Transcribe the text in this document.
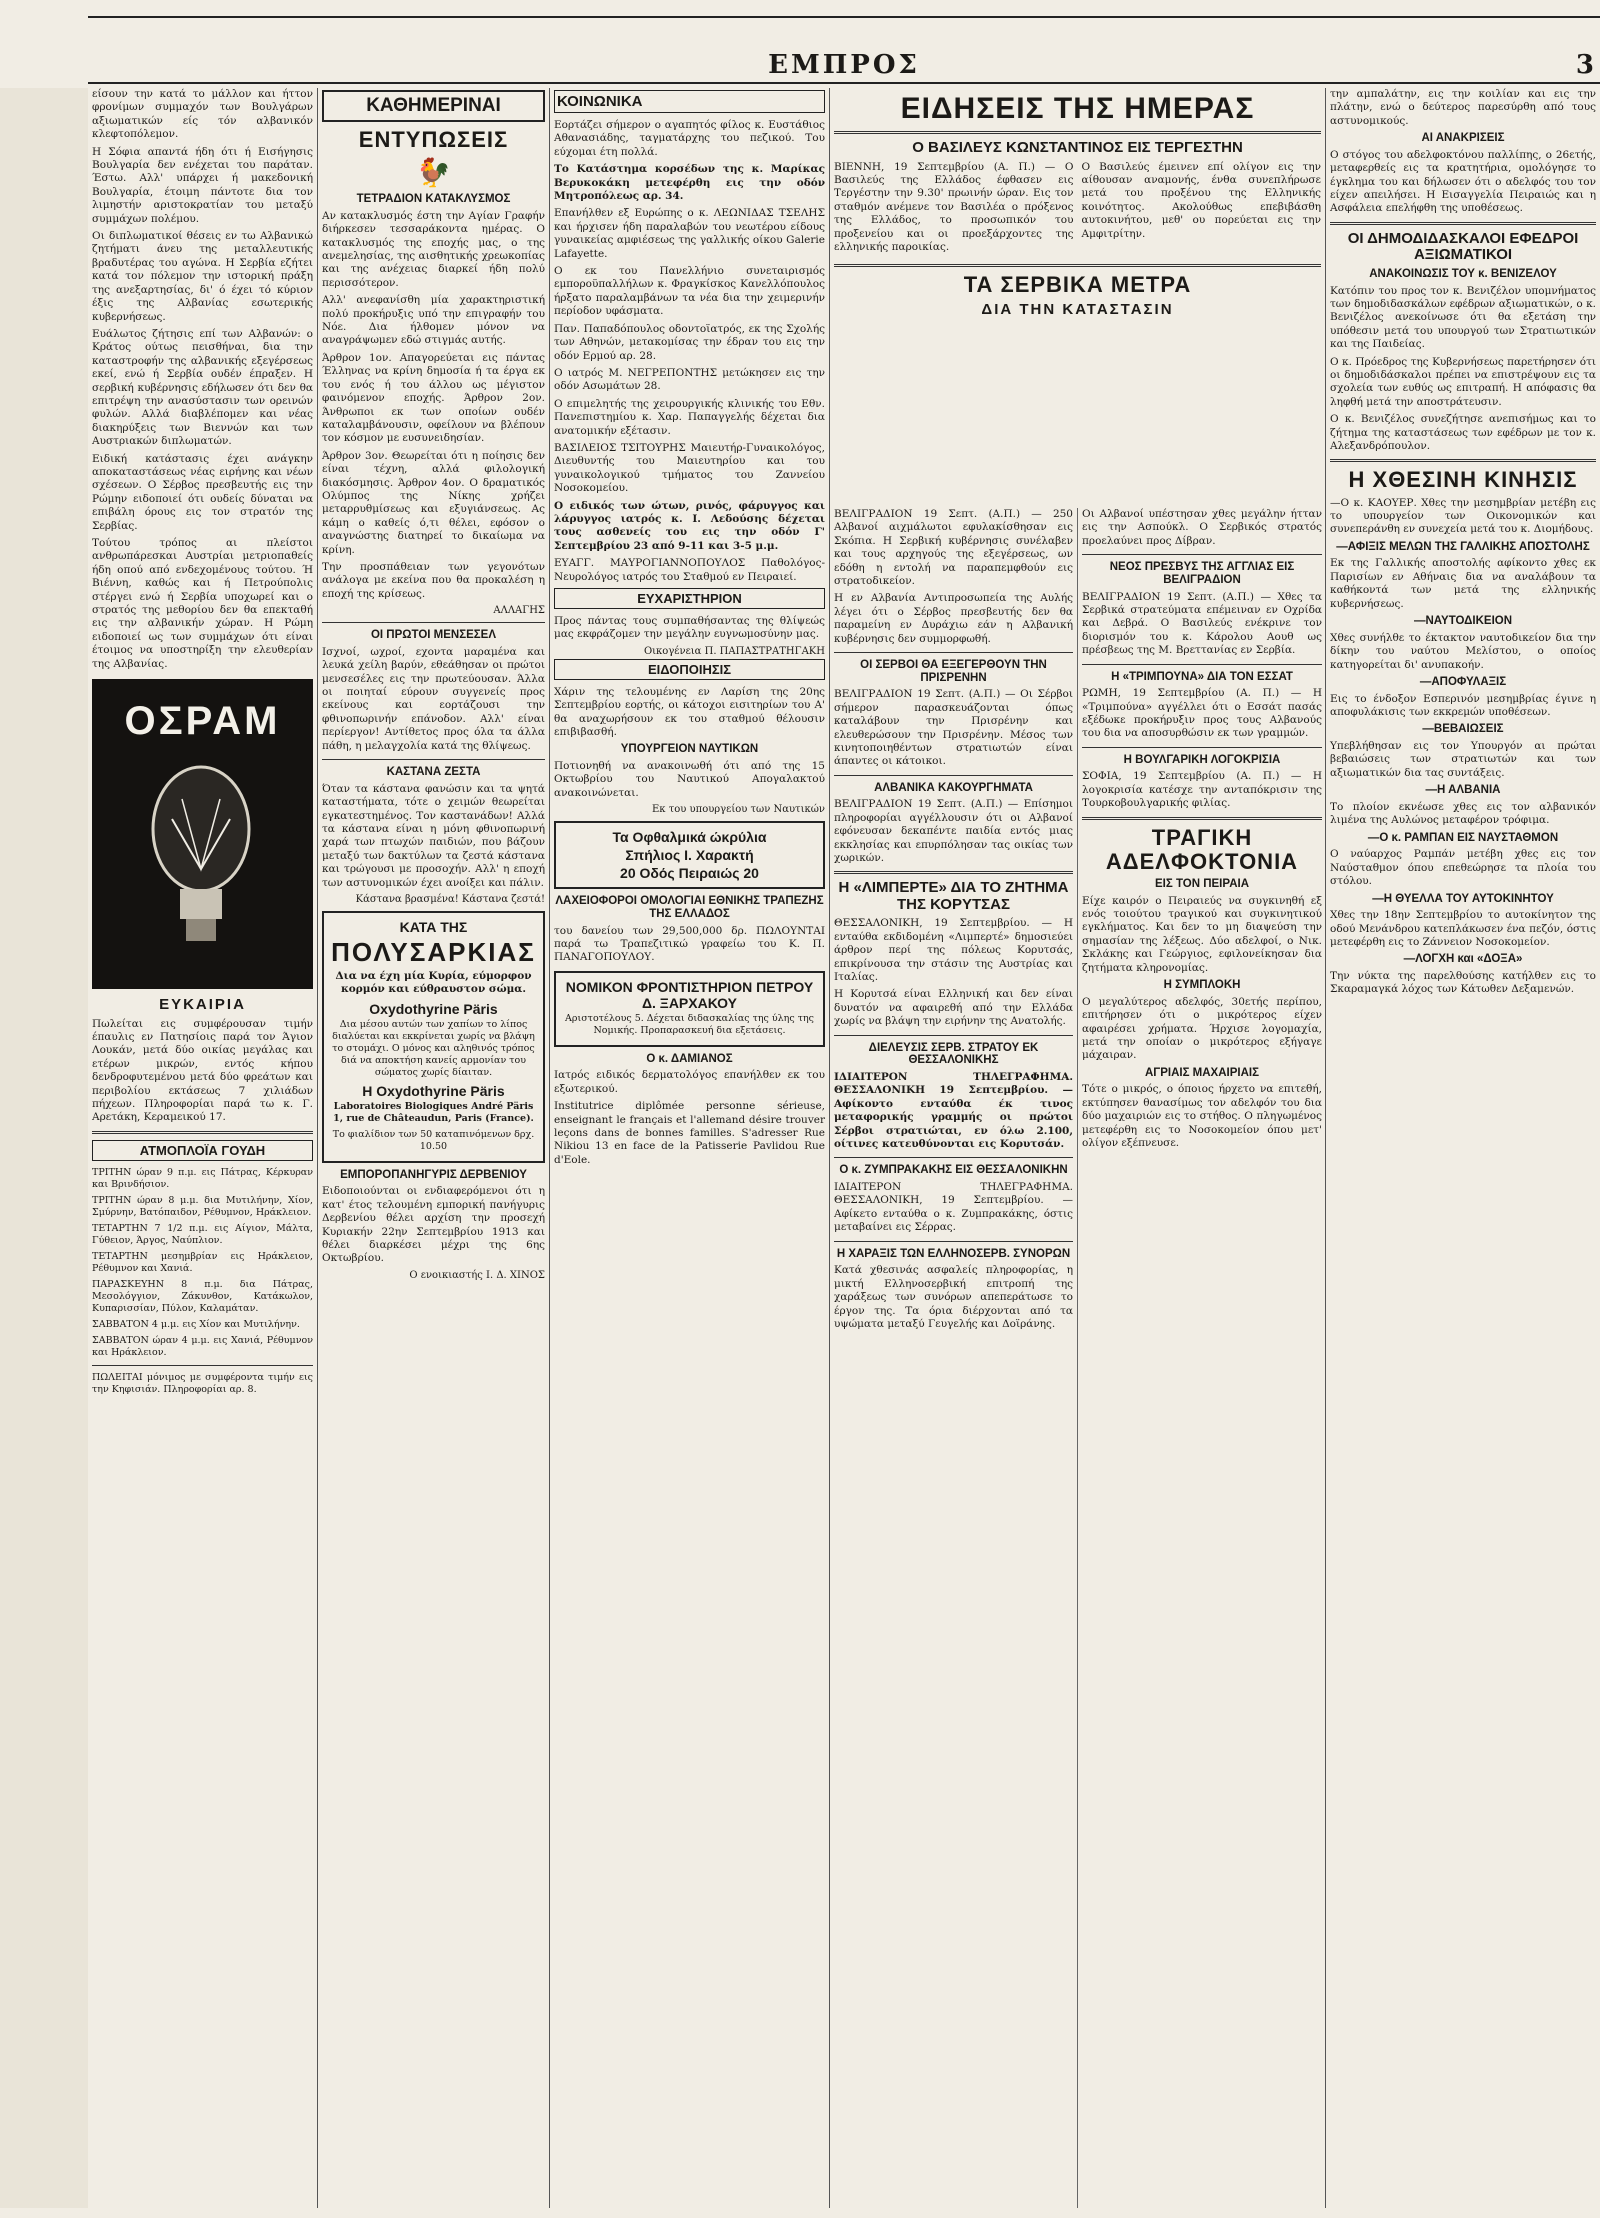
ΕΜΠΡΟΣ	3

είσουν την κατά το μάλλον και ήττον φρονίμων συμμαχόν των Βουλγάρων αξιωματικών είς τόν αλβανικόν κλεφτοπόλεμον.

Η Σόφια απαντά ήδη ότι ή Εισήγησις Βουλγαρία δεν ενέχεται του παράταν. Έστω. Αλλ' υπάρχει ή μακεδονική Βουλγαρία, έτοιμη πάντοτε δια τον λιμηστήν αριστοκρατίαν του μεταξύ συμμάχων πολέμου.

Οι διπλωματικοί θέσεις εν τω Αλβανικώ ζητήματι άνευ της μεταλλευτικής βραδυτέρας του αγώνα. Η Σερβία εζήτει κατά τον πόλεμον την ιστορική πράξη της ανεξαρτησίας, δι' ό έχει τό κύριον έξις της Αλβανίας εσωτερικής κυβερνήσεως.

Ευάλωτος ζήτησις επί των Αλβανών: ο Κράτος ούτως πεισθήναι, δια την καταστροφήν της αλβανικής εξεγέρσεως εκεί, ενώ ή Σερβία ουδέν έπραξεν. Η σερβική κυβέρνησις εδήλωσεν ότι δεν θα επιτρέψη την ανασύστασιν των ορεινών φυλών. Αλλά διαβλέπομεν και νέας διακηρύξεις των Βιεννών και των Αυστριακών διπλωματών.

Ειδική κατάστασις έχει ανάγκην αποκαταστάσεως νέας ειρήνης και νέων σχέσεων. Ο Σέρβος πρεσβευτής εις την Ρώμην ειδοποιεί ότι ουδείς δύναται να επιβάλη όρους εις τον στρατόν της Σερβίας.

Τούτου τρόπος αι πλείστοι ανθρωπάρεσκαι Αυστρίαι μετριοπαθείς ήδη οπού από ενδεχομένους τούτου. Ή Βιέννη, καθώς και ή Πετρούπολις στέργει ενώ ή Σερβία υποχωρεί και ο στρατός της μεθορίου δεν θα επεκταθή εις την αλβανικήν χώραν. Η Ρώμη ειδοποιεί ως των συμμάχων ότι είναι έτοιμος να υποστηρίξη την ελευθερίαν της Αλβανίας.

ΟΣΡΑΜ
ΕΥΚΑΙΡΙΑ

Πωλείται εις συμφέρουσαν τιμήν έπαυλις εν Πατησίοις παρά τον Άγιον Λουκάν, μετά δύο οικίας μεγάλας και ετέρων μικρών, εντός κήπου δενδροφυτεμένου μετά δύο φρεάτων και περιβολίου εκτάσεως 7 χιλιάδων πήχεων. Πληροφορίαι παρά τω κ. Γ. Αρετάκη, Κεραμεικού 17.

ΑΤΜΟΠΛΟΪΑ ΓΟΥΔΗ

ΤΡΙΤΗΝ ώραν 9 π.μ. εις Πάτρας, Κέρκυραν και Βρινδήσιον.

ΤΡΙΤΗΝ ώραν 8 μ.μ. δια Μυτιλήνην, Χίον, Σμύρνην, Βατόπαιδον, Ρέθυμνον, Ηράκλειον.

ΤΕΤΑΡΤΗΝ 7 1/2 π.μ. εις Αίγιον, Μάλτα, Γύθειον, Άργος, Ναύπλιον.

ΤΕΤΑΡΤΗΝ μεσημβρίαν εις Ηράκλειον, Ρέθυμνον και Χανιά.

ΠΑΡΑΣΚΕΥΗΝ 8 π.μ. δια Πάτρας, Μεσολόγγιον, Ζάκυνθον, Κατάκωλον, Κυπαρισσίαν, Πύλον, Καλαμάταν.

ΣΑΒΒΑΤΟΝ 4 μ.μ. εις Χίον και Μυτιλήνην.

ΣΑΒΒΑΤΟΝ ώραν 4 μ.μ. εις Χανιά, Ρέθυμνον και Ηράκλειον.

ΠΩΛΕΙΤΑΙ μόνιμος με συμφέροντα τιμήν εις την Κηφισιάν. Πληροφορίαι αρ. 8.

ΚΑΘΗΜΕΡΙΝΑΙ
ΕΝΤΥΠΩΣΕΙΣ
🐓
ΤΕΤΡΑΔΙΟΝ ΚΑΤΑΚΛΥΣΜΟΣ

Αν κατακλυσμός έστη την Αγίαν Γραφήν διήρκεσεν τεσσαράκοντα ημέρας. Ο κατακλυσμός της εποχής μας, ο της ανεμελησίας, της αισθητικής χρεωκοπίας και της ανέχειας διαρκεί ήδη πολύ περισσότερον.

Αλλ' ανεφανίσθη μία χαρακτηριστική πολύ προκήρυξις υπό την επιγραφήν του Νόε. Δια ήλθομεν μόνον να αναγράψωμεν εδώ στιγμάς αυτής.

Άρθρον 1ον. Απαγορεύεται εις πάντας Έλληνας να κρίνη δημοσία ή τα έργα εκ του ενός ή του άλλου ως μέγιστον φαινόμενον εποχής. Άρθρον 2ον. Άνθρωποι εκ των οποίων ουδέν καταλαμβάνουσιν, οφείλουν να βλέπουν τον κόσμον με ευσυνειδησίαν.

Άρθρον 3ον. Θεωρείται ότι η ποίησις δεν είναι τέχνη, αλλά φιλολογική διακόσμησις. Άρθρον 4ον. Ο δραματικός Ολύμπος της Νίκης χρήζει μεταρρυθμίσεως και εξυγιάνσεως. Ας κάμη ο καθείς ό,τι θέλει, εφόσον ο αναγνώστης διατηρεί το δικαίωμα να κρίνη.

Την προσπάθειαν των γεγονότων ανάλογα με εκείνα που θα προκαλέση η εποχή της κρίσεως.

ΑΛΛΑΓΗΣ
ΟΙ ΠΡΩΤΟΙ ΜΕΝΣΕΣΕΛ

Ισχνοί, ωχροί, εχοντα μαραμένα και λευκά χείλη βαρύν, εθεάθησαν οι πρώτοι μενσεσέλες εις την πρωτεύουσαν. Άλλα οι ποιηταί εύρουν συγγενείς προς εκείνους και εορτάζουσι την φθινοπωρινήν επάνοδον. Αλλ' είναι περίεργον! Αντίθετος προς όλα τα άλλα πάθη, η μελαγχολία κατά της θλίψεως.

ΚΑΣΤΑΝΑ ΖΕΣΤΑ

Όταν τα κάστανα φανώσιν και τα ψητά καταστήματα, τότε ο χειμών θεωρείται εγκατεστημένος. Τον καστανάδων! Αλλά τα κάστανα είναι η μόνη φθινοπωρινή χαρά των πτωχών παιδιών, που βάζουν μεταξύ των δακτύλων τα ζεστά κάστανα και τρώγουσι με προσοχήν. Αλλ' η εποχή των αστυνομικών έχει ανοίξει και πάλιν.

Κάστανα βρασμένα! Κάστανα ζεστά!
ΚΑΤΑ ΤΗΣ
ΠΟΛΥΣΑΡΚΙΑΣ

Δια να έχη μία Κυρία, εύμορφον κορμόν και εύθραυστον σώμα.

Oxydothyrine Päris

Δια μέσου αυτών των χαπίων το λίπος διαλύεται και εκκρίνεται χωρίς να βλάψη το στομάχι. Ο μόνος και αληθινός τρόπος διά να αποκτήση κανείς αρμονίαν του σώματος χωρίς δίαιταν.

Η Oxydothyrine Päris

Laboratoires Biologiques André Päris 1, rue de Châteaudun, Paris (France).

Το φιαλίδιον των 50 καταπινόμενων δρχ. 10.50

ΕΜΠΟΡΟΠΑΝΗΓΥΡΙΣ ΔΕΡΒΕΝΙΟΥ

Ειδοποιούνται οι ενδιαφερόμενοι ότι η κατ' έτος τελουμένη εμπορική πανήγυρις Δερβενίου θέλει αρχίση την προσεχή Κυριακήν 22ην Σεπτεμβρίου 1913 και θέλει διαρκέσει μέχρι της 6ης Οκτωβρίου.

Ο ενοικιαστής Ι. Δ. ΧΙΝΟΣ
ΚΟΙΝΩΝΙΚΑ

Εορτάζει σήμερον ο αγαπητός φίλος κ. Ευστάθιος Αθανασιάδης, ταγματάρχης του πεζικού. Του εύχομαι έτη πολλά.

Το Κατάστημα κορσέδων της κ. Μαρίκας Βερυκοκάκη μετεφέρθη εις την οδόν Μητροπόλεως αρ. 34.

Επανήλθεν εξ Ευρώπης ο κ. ΛΕΩΝΙΔΑΣ ΤΣΕΛΗΣ και ήρχισεν ήδη παραλαβών του νεωτέρου είδους γυναικείας αμφιέσεως της γαλλικής οίκου Galerie Lafayette.

Ο εκ του Πανελλήνιο συνεταιρισμός εμποροϋπαλλήλων κ. Φραγκίσκος Κανελλόπουλος ήρξατο παραλαμβάνων τα νέα δια την χειμερινήν περίοδον υφάσματα.

Παν. Παπαδόπουλος οδοντοϊατρός, εκ της Σχολής των Αθηνών, μετακομίσας την έδραν του εις την οδόν Ερμού αρ. 28.

Ο ιατρός Μ. ΝΕΓΡΕΠΟΝΤΗΣ μετώκησεν εις την οδόν Ασωμάτων 28.

Ο επιμελητής της χειρουργικής κλινικής του Εθν. Πανεπιστημίου κ. Χαρ. Παπαγγελής δέχεται δια ανατομικήν εξέτασιν.

ΒΑΣΙΛΕΙΟΣ ΤΣΙΤΟΥΡΗΣ Μαιευτήρ-Γυναικολόγος, Διευθυντής του Μαιευτηρίου και του γυναικολογικού τμήματος του Ζαννείου Νοσοκομείου.

Ο ειδικός των ώτων, ρινός, φάρυγγος και λάρυγγος ιατρός κ. Ι. Λεδούσης δέχεται τους ασθενείς του εις την οδόν Γ' Σεπτεμβρίου 23 από 9-11 και 3-5 μ.μ.

ΕΥΑΓΓ. ΜΑΥΡΟΓΙΑΝΝΟΠΟΥΛΟΣ Παθολόγος-Νευρολόγος ιατρός του Σταθμού εν Πειραιεί.

ΕΥΧΑΡΙΣΤΗΡΙΟΝ

Προς πάντας τους συμπαθήσαντας της θλίψεώς μας εκφράζομεν την μεγάλην ευγνωμοσύνην μας.

Οικογένεια Π. ΠΑΠΑΣΤΡΑΤΗΓΑΚΗ
ΕΙΔΟΠΟΙΗΣΙΣ

Χάριν της τελουμένης εν Λαρίση της 20ης Σεπτεμβρίου εορτής, οι κάτοχοι εισιτηρίων του Α' θα αναχωρήσουν εκ του σταθμού θέλουσιν επιβιβασθή.

ΥΠΟΥΡΓΕΙΟΝ ΝΑΥΤΙΚΩΝ

Ποτιονηθή να ανακοινωθή ότι από της 15 Οκτωβρίου του Ναυτικού Απογαλακτού ανακοινώνεται.

Εκ του υπουργείου των Ναυτικών
Τα Οφθαλμικά ώκρύλια
Σπήλιος Ι. Χαρακτή
20 Οδός Πειραιώς 20
ΛΑΧΕΙΟΦΟΡΟΙ ΟΜΟΛΟΓΙΑΙ ΕΘΝΙΚΗΣ ΤΡΑΠΕΖΗΣ ΤΗΣ ΕΛΛΑΔΟΣ

του δανείου των 29,500,000 δρ. ΠΩΛΟΥΝΤΑΙ παρά τω Τραπεζιτικώ γραφείω του Κ. Π. ΠΑΝΑΓΟΠΟΥΛΟΥ.

ΝΟΜΙΚΟΝ ΦΡΟΝΤΙΣΤΗΡΙΟΝ ΠΕΤΡΟΥ Δ. ΞΑΡΧΑΚΟΥ

Αριστοτέλους 5. Δέχεται διδασκαλίας της ύλης της Νομικής. Προπαρασκευή δια εξετάσεις.

Ο κ. ΔΑΜΙΑΝΟΣ

Ιατρός ειδικός δερματολόγος επανήλθεν εκ του εξωτερικού.

Institutrice diplômée personne sérieuse, enseignant le français et l'allemand désire trouver leçons dans de bonnes familles. S'adresser Rue Nikiou 13 en face de la Patisserie Pavlidou Rue d'Eole.

ΕΙΔΗΣΕΙΣ ΤΗΣ ΗΜΕΡΑΣ
Ο ΒΑΣΙΛΕΥΣ ΚΩΝΣΤΑΝΤΙΝΟΣ ΕΙΣ ΤΕΡΓΕΣΤΗΝ

ΒΙΕΝΝΗ, 19 Σεπτεμβρίου (Α. Π.) — Ο Βασιλεύς της Ελλάδος έφθασεν εις Τεργέστην την 9.30' πρωινήν ώραν. Εις τον σταθμόν ανέμενε τον Βασιλέα ο πρόξενος της Ελλάδος, το προσωπικόν του προξενείου και οι προεξάρχοντες της ελληνικής παροικίας.

Ο Βασιλεύς έμεινεν επί ολίγον εις την αίθουσαν αναμονής, ένθα συνεπλήρωσε μετά του προξένου της Ελληνικής κοινότητος. Ακολούθως επεβιβάσθη αυτοκινήτου, μεθ' ου πορεύεται εις την Αμφιτρίτην.

ΤΑ ΣΕΡΒΙΚΑ ΜΕΤΡΑ
ΔΙΑ ΤΗΝ ΚΑΤΑΣΤΑΣΙΝ

ΒΕΛΙΓΡΑΔΙΟΝ 19 Σεπτ. (Α.Π.) — 250 Αλβανοί αιχμάλωτοι εφυλακίσθησαν εις Σκόπια. Η Σερβική κυβέρνησις συνέλαβεν και τους αρχηγούς της εξεγέρσεως, ων εδόθη η εντολή να παραπεμφθούν εις στρατοδικείον.

Η εν Αλβανία Αντιπροσωπεία της Αυλής λέγει ότι ο Σέρβος πρεσβευτής δεν θα παραμείνη εν Δυράχιω εάν η Αλβανική κυβέρνησις δεν συμμορφωθή.

ΟΙ ΣΕΡΒΟΙ ΘΑ ΕΞΕΓΕΡΘΟΥΝ ΤΗΝ ΠΡΙΣΡΕΝΗΝ

ΒΕΛΙΓΡΑΔΙΟΝ 19 Σεπτ. (Α.Π.) — Οι Σέρβοι σήμερον παρασκευάζονται όπως καταλάβουν την Πρισρένην και ελευθερώσουν την Πρισρένην. Μέσος των κινητοποιηθέντων στρατιωτών είναι άπαντες οι κάτοικοι.

ΑΛΒΑΝΙΚΑ ΚΑΚΟΥΡΓΗΜΑΤΑ

ΒΕΛΙΓΡΑΔΙΟΝ 19 Σεπτ. (Α.Π.) — Επίσημοι πληροφορίαι αγγέλλουσιν ότι οι Αλβανοί εφόνευσαν δεκαπέντε παιδία εντός μιας εκκλησίας και επυρπόλησαν τας οικίας των χωρικών.

Η «ΛΙΜΠΕΡΤΕ» ΔΙΑ ΤΟ ΖΗΤΗΜΑ ΤΗΣ ΚΟΡΥΤΣΑΣ

ΘΕΣΣΑΛΟΝΙΚΗ, 19 Σεπτεμβρίου. — Η ενταύθα εκδιδομένη «Λιμπερτέ» δημοσιεύει άρθρον περί της πόλεως Κορυτσάς, επικρίνουσα την στάσιν της Αυστρίας και Ιταλίας.

Η Κορυτσά είναι Ελληνική και δεν είναι δυνατόν να αφαιρεθή από την Ελλάδα χωρίς να βλάψη την ειρήνην της Ανατολής.

ΔΙΕΛΕΥΣΙΣ ΣΕΡΒ. ΣΤΡΑΤΟΥ ΕΚ ΘΕΣΣΑΛΟΝΙΚΗΣ

ΙΔΙΑΙΤΕΡΟΝ ΤΗΛΕΓΡΑΦΗΜΑ. ΘΕΣΣΑΛΟΝΙΚΗ 19 Σεπτεμβρίου. — Αφίκοντο ενταύθα έκ τινος μεταφορικής γραμμής οι πρώτοι Σέρβοι στρατιώται, εν όλω 2.100, οίτινες κατευθύνονται εις Κορυτσάν.

Ο κ. ΖΥΜΠΡΑΚΑΚΗΣ ΕΙΣ ΘΕΣΣΑΛΟΝΙΚΗΝ

ΙΔΙΑΙΤΕΡΟΝ ΤΗΛΕΓΡΑΦΗΜΑ. ΘΕΣΣΑΛΟΝΙΚΗ, 19 Σεπτεμβρίου. — Αφίκετο ενταύθα ο κ. Ζυμπρακάκης, όστις μεταβαίνει εις Σέρρας.

Η ΧΑΡΑΞΙΣ ΤΩΝ ΕΛΛΗΝΟΣΕΡΒ. ΣΥΝΟΡΩΝ

Κατά χθεσινάς ασφαλείς πληροφορίας, η μικτή Ελληνοσερβική επιτροπή της χαράξεως των συνόρων απεπεράτωσε το έργον της. Τα όρια διέρχονται από τα υψώματα μεταξύ Γευγελής και Δοϊράνης.

Οι Αλβανοί υπέστησαν χθες μεγάλην ήτταν εις την Ασπούκλ. Ο Σερβικός στρατός προελαύνει προς Δίβραν.

ΝΕΟΣ ΠΡΕΣΒΥΣ ΤΗΣ ΑΓΓΛΙΑΣ ΕΙΣ ΒΕΛΙΓΡΑΔΙΟΝ

ΒΕΛΙΓΡΑΔΙΟΝ 19 Σεπτ. (Α.Π.) — Χθες τα Σερβικά στρατεύματα επέμειναν εν Οχρίδα και Δεβρά. Ο Βασιλεύς ενέκρινε τον διορισμόν του κ. Κάρολου Αουθ ως πρέσβεως της Μ. Βρεττανίας εν Σερβία.

Η «ΤΡΙΜΠΟΥΝΑ» ΔΙΑ ΤΟΝ ΕΣΣΑΤ

ΡΩΜΗ, 19 Σεπτεμβρίου (Α. Π.) — Η «Τριμπούνα» αγγέλλει ότι ο Εσσάτ πασάς εξέδωκε προκήρυξιν προς τους Αλβανούς του δια να αποσυρθώσιν εκ των γραμμών.

Η ΒΟΥΛΓΑΡΙΚΗ ΛΟΓΟΚΡΙΣΙΑ

ΣΟΦΙΑ, 19 Σεπτεμβρίου (Α. Π.) — Η λογοκρισία κατέσχε την ανταπόκρισιν της Τουρκοβουλγαρικής φιλίας.

ΤΡΑΓΙΚΗ ΑΔΕΛΦΟΚΤΟΝΙΑ
ΕΙΣ ΤΟΝ ΠΕΙΡΑΙΑ

Είχε καιρόν ο Πειραιεύς να συγκινηθή εξ ενός τοιούτου τραγικού και συγκινητικού εγκλήματος. Και δεν το μη διαψεύση την σημασίαν της λέξεως. Δύο αδελφοί, ο Νικ. Σκλάκης και Γεώργιος, εφιλονείκησαν δια ζητήματα κληρονομίας.

Η ΣΥΜΠΛΟΚΗ

Ο μεγαλύτερος αδελφός, 30ετής περίπου, επιτήρησεν ότι ο μικρότερος είχεν αφαιρέσει χρήματα. Ήρχισε λογομαχία, μετά την οποίαν ο μικρότερος εξήγαγε μάχαιραν.

ΑΓΡΙΑΙΣ ΜΑΧΑΙΡΙΑΙΣ

Τότε ο μικρός, ο όποιος ήρχετο να επιτεθή, εκτύπησεν θανασίμως τον αδελφόν του δια δύο μαχαιριών εις το στήθος. Ο πληγωμένος μετεφέρθη εις το Νοσοκομείον όπου μετ' ολίγον εξέπνευσε.

την αμπαλάτην, εις την κοιλίαν και εις την πλάτην, ενώ ο δεύτερος παρεσύρθη από τους αστυνομικούς.

ΑΙ ΑΝΑΚΡΙΣΕΙΣ

Ο στόγος του αδελφοκτόνου παλλίπης, ο 26ετής, μεταφερθείς εις τα κρατητήρια, ομολόγησε το έγκλημα του και δήλωσεν ότι ο αδελφός του τον είχεν απειλήσει. Η Εισαγγελία Πειραιώς και η Ασφάλεια επελήφθη της υποθέσεως.

ΟΙ ΔΗΜΟΔΙΔΑΣΚΑΛΟΙ ΕΦΕΔΡΟΙ ΑΞΙΩΜΑΤΙΚΟΙ
ΑΝΑΚΟΙΝΩΣΙΣ ΤΟΥ κ. ΒΕΝΙΖΕΛΟΥ

Κατόπιν του προς τον κ. Βενιζέλον υπομνήματος των δημοδιδασκάλων εφέδρων αξιωματικών, ο κ. Βενιζέλος ανεκοίνωσε ότι θα εξετάση την υπόθεσιν μετά του υπουργού των Στρατιωτικών και της Παιδείας.

Ο κ. Πρόεδρος της Κυβερνήσεως παρετήρησεν ότι οι δημοδιδάσκαλοι πρέπει να επιστρέψουν εις τα σχολεία των ευθύς ως επιτραπή. Η απόφασις θα ληφθή μετά την αποστράτευσιν.

Ο κ. Βενιζέλος συνεζήτησε ανεπισήμως και το ζήτημα της καταστάσεως των εφέδρων με τον κ. Αλεξανδρόπουλον.

Η ΧΘΕΣΙΝΗ ΚΙΝΗΣΙΣ

—Ο κ. ΚΑΟΥΕΡ. Χθες την μεσημβρίαν μετέβη εις το υπουργείον των Οικονομικών και συνεπεράνθη εν συνεχεία μετά του κ. Διομήδους.

—ΑΦΙΞΙΣ ΜΕΛΩΝ ΤΗΣ ΓΑΛΛΙΚΗΣ ΑΠΟΣΤΟΛΗΣ

Εκ της Γαλλικής αποστολής αφίκοντο χθες εκ Παρισίων εν Αθήναις δια να αναλάβουν τα καθήκοντά των μετά της ελληνικής κυβερνήσεως.

—ΝΑΥΤΟΔΙΚΕΙΟΝ

Χθες συνήλθε το έκτακτον ναυτοδικείον δια την δίκην του ναύτου Μελίστου, ο οποίος κατηγορείται δι' ανυπακοήν.

—ΑΠΟΦΥΛΑΞΙΣ

Εις το ένδοξον Εσπερινόν μεσημβρίας έγινε η αποφυλάκισις των εκκρεμών υποθέσεων.

—ΒΕΒΑΙΩΣΕΙΣ

Υπεβλήθησαν εις τον Υπουργόν αι πρώται βεβαιώσεις των στρατιωτών και των αξιωματικών δια τας συντάξεις.

—Η ΑΛΒΑΝΙΑ

Το πλοίον εκνέωσε χθες εις τον αλβανικόν λιμένα της Αυλώνος μεταφέρον τρόφιμα.

—Ο κ. ΡΑΜΠΑΝ ΕΙΣ ΝΑΥΣΤΑΘΜΟΝ

Ο ναύαρχος Ραμπάν μετέβη χθες εις τον Ναύσταθμον όπου επεθεώρησε τα πλοία του στόλου.

—Η ΘΥΕΛΛΑ ΤΟΥ ΑΥΤΟΚΙΝΗΤΟΥ

Χθες την 18ην Σεπτεμβρίου το αυτοκίνητον της οδού Μενάνδρου κατεπλάκωσεν ένα πεζόν, όστις μετεφέρθη εις το Ζάννειον Νοσοκομείον.

—ΛΟΓΧΗ και «ΔΟΞΑ»

Την νύκτα της παρελθούσης κατήλθεν εις το Σκαραμαγκά λόχος των Κάτωθεν Δεξαμενών.
